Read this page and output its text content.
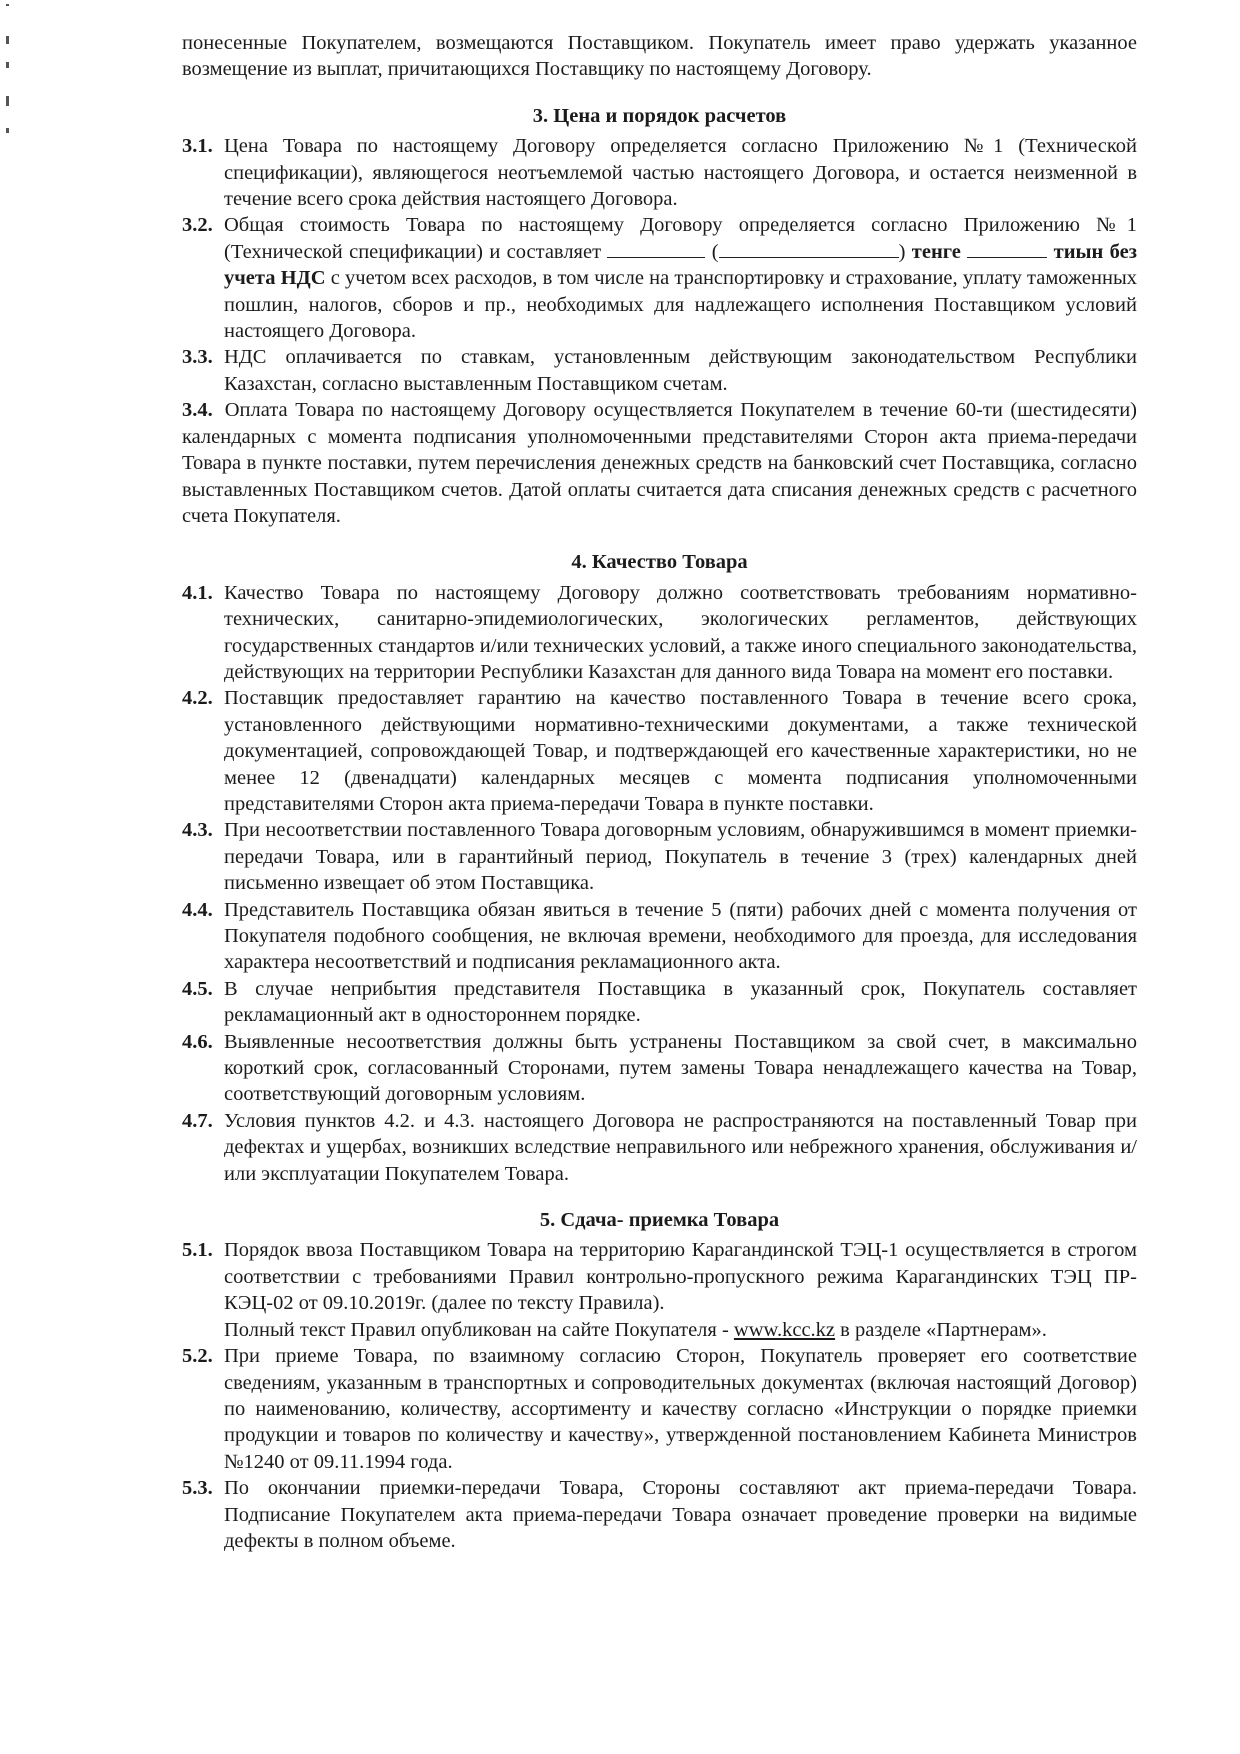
понесенные Покупателем, возмещаются Поставщиком. Покупатель имеет право удержать указанное возмещение из выплат, причитающихся Поставщику по настоящему Договору.

3. Цена и порядок расчетов
3.1. Цена Товара по настоящему Договору определяется согласно Приложению №1 (Технической спецификации), являющегося неотъемлемой частью настоящего Договора, и остается неизменной в течение всего срока действия настоящего Договора.
3.2. Общая стоимость Товара по настоящему Договору определяется согласно Приложению №1 (Технической спецификации) и составляет	(	) тенге	тиын без учета НДС с учетом всех расходов, в том числе на транспортировку и страхование, уплату таможенных пошлин, налогов, сборов и пр., необходимых для надлежащего исполнения Поставщиком условий настоящего Договора.
3.3. НДС оплачивается по ставкам, установленным действующим законодательством Республики Казахстан, согласно выставленным Поставщиком счетам.

3.4. Оплата Товара по настоящему Договору осуществляется Покупателем в течение 60-ти (шестидесяти) календарных с момента подписания уполномоченными представителями Сторон акта приема-передачи Товара в пункте поставки, путем перечисления денежных средств на банковский счет Поставщика, согласно выставленных Поставщиком счетов. Датой оплаты считается дата списания денежных средств с расчетного счета Покупателя.

4. Качество Товара
4.1. Качество Товара по настоящему Договору должно соответствовать требованиям нормативно-технических, санитарно-эпидемиологических, экологических регламентов, действующих государственных стандартов и/или технических условий, а также иного специального законодательства, действующих на территории Республики Казахстан для данного вида Товара на момент его поставки.
4.2. Поставщик предоставляет гарантию на качество поставленного Товара в течение всего срока, установленного действующими нормативно-техническими документами, а также технической документацией, сопровождающей Товар, и подтверждающей его качественные характеристики, но не менее 12 (двенадцати) календарных месяцев с момента подписания уполномоченными представителями Сторон акта приема-передачи Товара в пункте поставки.
4.3. При несоответствии поставленного Товара договорным условиям, обнаружившимся в момент приемки-передачи Товара, или в гарантийный период, Покупатель в течение 3 (трех) календарных дней письменно извещает об этом Поставщика.
4.4. Представитель Поставщика обязан явиться в течение 5 (пяти) рабочих дней с момента получения от Покупателя подобного сообщения, не включая времени, необходимого для проезда, для исследования характера несоответствий и подписания рекламационного акта.
4.5. В случае неприбытия представителя Поставщика в указанный срок, Покупатель составляет рекламационный акт в одностороннем порядке.
4.6. Выявленные несоответствия должны быть устранены Поставщиком за свой счет, в максимально короткий срок, согласованный Сторонами, путем замены Товара ненадлежащего качества на Товар, соответствующий договорным условиям.
4.7. Условия пунктов 4.2. и 4.3. настоящего Договора не распространяются на поставленный Товар при дефектах и ущербах, возникших вследствие неправильного или небрежного хранения, обслуживания и/или эксплуатации Покупателем Товара.
5. Сдача- приемка Товара
5.1. Порядок ввоза Поставщиком Товара на территорию Карагандинской ТЭЦ-1 осуществляется в строгом соответствии с требованиями Правил контрольно-пропускного режима Карагандинских ТЭЦ ПР-КЭЦ-02 от 09.10.2019г. (далее по тексту Правила).

Полный текст Правил опубликован на сайте Покупателя - www.kcc.kz в разделе «Партнерам».

5.2. При приеме Товара, по взаимному согласию Сторон, Покупатель проверяет его соответствие сведениям, указанным в транспортных и сопроводительных документах (включая настоящий Договор) по наименованию, количеству, ассортименту и качеству согласно «Инструкции о порядке приемки продукции и товаров по количеству и качеству», утвержденной постановлением Кабинета Министров №1240 от 09.11.1994 года.
5.3. По окончании приемки-передачи Товара, Стороны составляют акт приема-передачи Товара. Подписание Покупателем акта приема-передачи Товара означает проведение проверки на видимые дефекты в полном объеме.
